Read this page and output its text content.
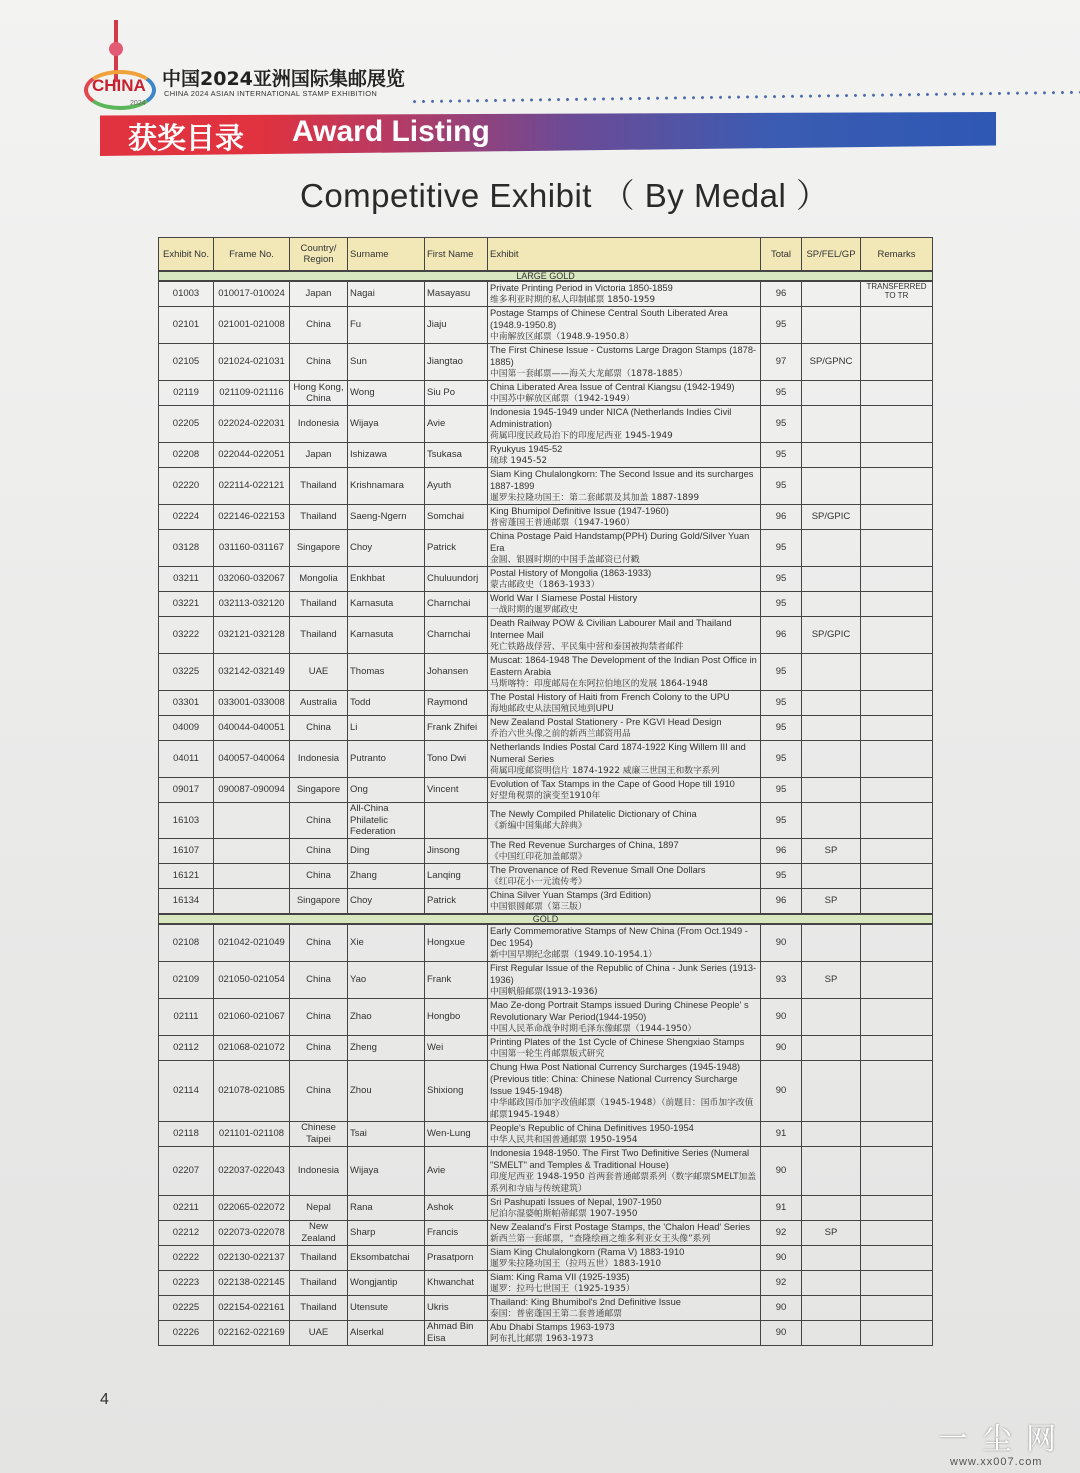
CHINA
2024
中国2024亚洲国际集邮展览
CHINA 2024 ASIAN INTERNATIONAL STAMP EXHIBITION
获奖目录 Award Listing
Competitive Exhibit （ By Medal ）
Exhibit No.	Frame No.	Country/ Region	Surname	First Name	Exhibit	Total	SP/FEL/GP	Remarks
LARGE GOLD								
01003	010017-010024	Japan	Nagai	Masayasu	Private Printing Period in Victoria 1850-1859
维多利亚时期的私人印制邮票 1850-1959	96		TRANSFERRED TO TR
02101	021001-021008	China	Fu	Jiaju	Postage Stamps of Chinese Central South Liberated Area (1948.9-1950.8)
中南解放区邮票（1948.9-1950.8）	95		
02105	021024-021031	China	Sun	Jiangtao	The First Chinese Issue - Customs Large Dragon Stamps (1878-1885)
中国第一套邮票——海关大龙邮票（1878-1885）	97	SP/GPNC	
02119	021109-021116	Hong Kong, China	Wong	Siu Po	China Liberated Area Issue of Central Kiangsu (1942-1949)
中国苏中解放区邮票（1942-1949）	95		
02205	022024-022031	Indonesia	Wijaya	Avie	Indonesia 1945-1949 under NICA (Netherlands Indies Civil Administration)
荷属印度民政局治下的印度尼西亚 1945-1949	95		
02208	022044-022051	Japan	Ishizawa	Tsukasa	Ryukyus 1945-52
琉球 1945-52	95		
02220	022114-022121	Thailand	Krishnamara	Ayuth	Siam King Chulalongkorn: The Second Issue and its surcharges 1887-1899
暹罗朱拉隆功国王：第二套邮票及其加盖 1887-1899	95		
02224	022146-022153	Thailand	Saeng-Ngern	Somchai	King Bhumipol Definitive Issue (1947-1960)
普密蓬国王普通邮票（1947-1960）	96	SP/GPIC	
03128	031160-031167	Singapore	Choy	Patrick	China Postage Paid Handstamp(PPH) During Gold/Silver Yuan Era
金圆、银圆时期的中国手盖邮资已付戳	95		
03211	032060-032067	Mongolia	Enkhbat	Chuluundorj	Postal History of Mongolia (1863-1933)
蒙古邮政史（1863-1933）	95		
03221	032113-032120	Thailand	Karnasuta	Charnchai	World War I Siamese Postal History
一战时期的暹罗邮政史	95		
03222	032121-032128	Thailand	Karnasuta	Charnchai	Death Railway POW & Civilian Labourer Mail and Thailand Internee Mail
死亡铁路战俘营、平民集中营和泰国被拘禁者邮件	96	SP/GPIC	
03225	032142-032149	UAE	Thomas	Johansen	Muscat: 1864-1948 The Development of the Indian Post Office in Eastern Arabia
马斯喀特：印度邮局在东阿拉伯地区的发展 1864-1948	95		
03301	033001-033008	Australia	Todd	Raymond	The Postal History of Haiti from French Colony to the UPU
海地邮政史从法国殖民地到UPU	95		
04009	040044-040051	China	Li	Frank Zhifei	New Zealand Postal Stationery - Pre KGVI Head Design
乔治六世头像之前的新西兰邮资用品	95		
04011	040057-040064	Indonesia	Putranto	Tono Dwi	Netherlands Indies Postal Card 1874-1922 King Willem III and Numeral Series
荷属印度邮资明信片 1874-1922 威廉三世国王和数字系列	95		
09017	090087-090094	Singapore	Ong	Vincent	Evolution of Tax Stamps in the Cape of Good Hope till 1910
好望角税票的演变至1910年	95		
16103		China	All-China Philatelic Federation		The Newly Compiled Philatelic Dictionary of China
《新编中国集邮大辞典》	95		
16107		China	Ding	Jinsong	The Red Revenue Surcharges of China, 1897
《中国红印花加盖邮票》	96	SP	
16121		China	Zhang	Lanqing	The Provenance of Red Revenue Small One Dollars
《红印花小一元流传考》	95		
16134		Singapore	Choy	Patrick	China Silver Yuan Stamps (3rd Edition)
中国银圆邮票（第三版）	96	SP	
GOLD								
02108	021042-021049	China	Xie	Hongxue	Early Commemorative Stamps of New China (From Oct.1949 - Dec 1954)
新中国早期纪念邮票（1949.10-1954.1）	90		
02109	021050-021054	China	Yao	Frank	First Regular Issue of the Republic of China - Junk Series (1913-1936)
中国帆船邮票(1913-1936)	93	SP	
02111	021060-021067	China	Zhao	Hongbo	Mao Ze-dong Portrait Stamps issued During Chinese People' s Revolutionary War Period(1944-1950)
中国人民革命战争时期毛泽东像邮票（1944-1950）	90		
02112	021068-021072	China	Zheng	Wei	Printing Plates of the 1st Cycle of Chinese Shengxiao Stamps
中国第一轮生肖邮票版式研究	90		
02114	021078-021085	China	Zhou	Shixiong	Chung Hwa Post National Currency Surcharges (1945-1948) (Previous title: China: Chinese National Currency Surcharge Issue 1945-1948)
中华邮政国币加字改值邮票（1945-1948）（前题目：国币加字改值邮票1945-1948）	90		
02118	021101-021108	Chinese Taipei	Tsai	Wen-Lung	People's Republic of China Definitives 1950-1954
中华人民共和国普通邮票 1950-1954	91		
02207	022037-022043	Indonesia	Wijaya	Avie	Indonesia 1948-1950. The First Two Definitive Series (Numeral "SMELT" and Temples & Traditional House)
印度尼西亚 1948-1950 首两套普通邮票系列（数字邮票SMELT加盖系列和寺庙与传统建筑）	90		
02211	022065-022072	Nepal	Rana	Ashok	Sri Pashupati Issues of Nepal, 1907-1950
尼泊尔湿婆帕斯帕蒂邮票 1907-1950	91		
02212	022073-022078	New Zealand	Sharp	Francis	New Zealand's First Postage Stamps, the 'Chalon Head' Series
新西兰第一套邮票，“查隆绘画之维多利亚女王头像”系列	92	SP	
02222	022130-022137	Thailand	Eksombatchai	Prasatporn	Siam King Chulalongkorn (Rama V) 1883-1910
暹罗朱拉隆功国王（拉玛五世）1883-1910	90		
02223	022138-022145	Thailand	Wongjantip	Khwanchat	Siam: King Rama VII (1925-1935)
暹罗：拉玛七世国王（1925-1935）	92		
02225	022154-022161	Thailand	Utensute	Ukris	Thailand: King Bhumibol's 2nd Definitive Issue
泰国：普密蓬国王第二套普通邮票	90		
02226	022162-022169	UAE	Alserkal	Ahmad Bin Eisa	Abu Dhabi Stamps 1963-1973
阿布扎比邮票 1963-1973	90		
4
一尘网
www.xx007.com
